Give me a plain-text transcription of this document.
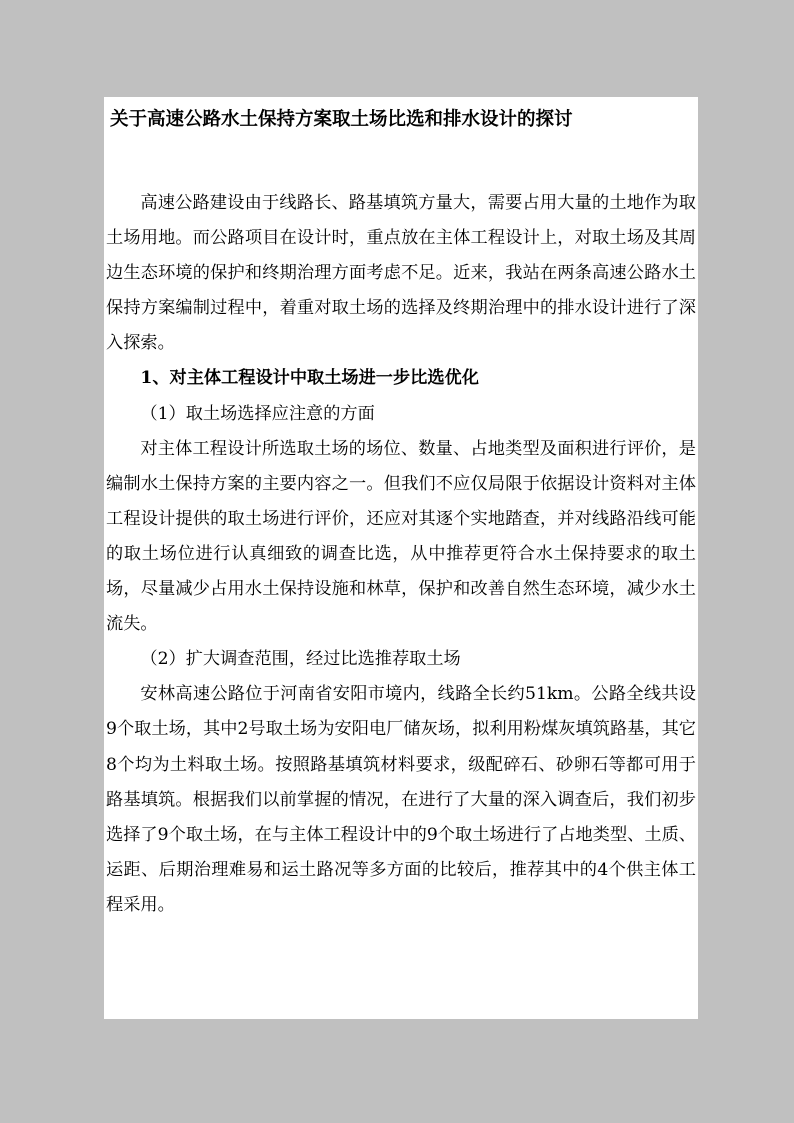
关于高速公路水土保持方案取土场比选和排水设计的探讨

高速公路建设由于线路长、路基填筑方量大，需要占用大量的土地作为取土场用地。而公路项目在设计时，重点放在主体工程设计上，对取土场及其周边生态环境的保护和终期治理方面考虑不足。近来，我站在两条高速公路水土保持方案编制过程中，着重对取土场的选择及终期治理中的排水设计进行了深入探索。

1、对主体工程设计中取土场进一步比选优化

（1）取土场选择应注意的方面

对主体工程设计所选取土场的场位、数量、占地类型及面积进行评价，是编制水土保持方案的主要内容之一。但我们不应仅局限于依据设计资料对主体工程设计提供的取土场进行评价，还应对其逐个实地踏查，并对线路沿线可能的取土场位进行认真细致的调查比选，从中推荐更符合水土保持要求的取土场，尽量减少占用水土保持设施和林草，保护和改善自然生态环境，减少水土流失。

（2）扩大调查范围，经过比选推荐取土场

安林高速公路位于河南省安阳市境内，线路全长约51km。公路全线共设9个取土场，其中2号取土场为安阳电厂储灰场，拟利用粉煤灰填筑路基，其它8个均为土料取土场。按照路基填筑材料要求，级配碎石、砂卵石等都可用于路基填筑。根据我们以前掌握的情况，在进行了大量的深入调查后，我们初步选择了9个取土场，在与主体工程设计中的9个取土场进行了占地类型、土质、运距、后期治理难易和运土路况等多方面的比较后，推荐其中的4个供主体工程采用。
